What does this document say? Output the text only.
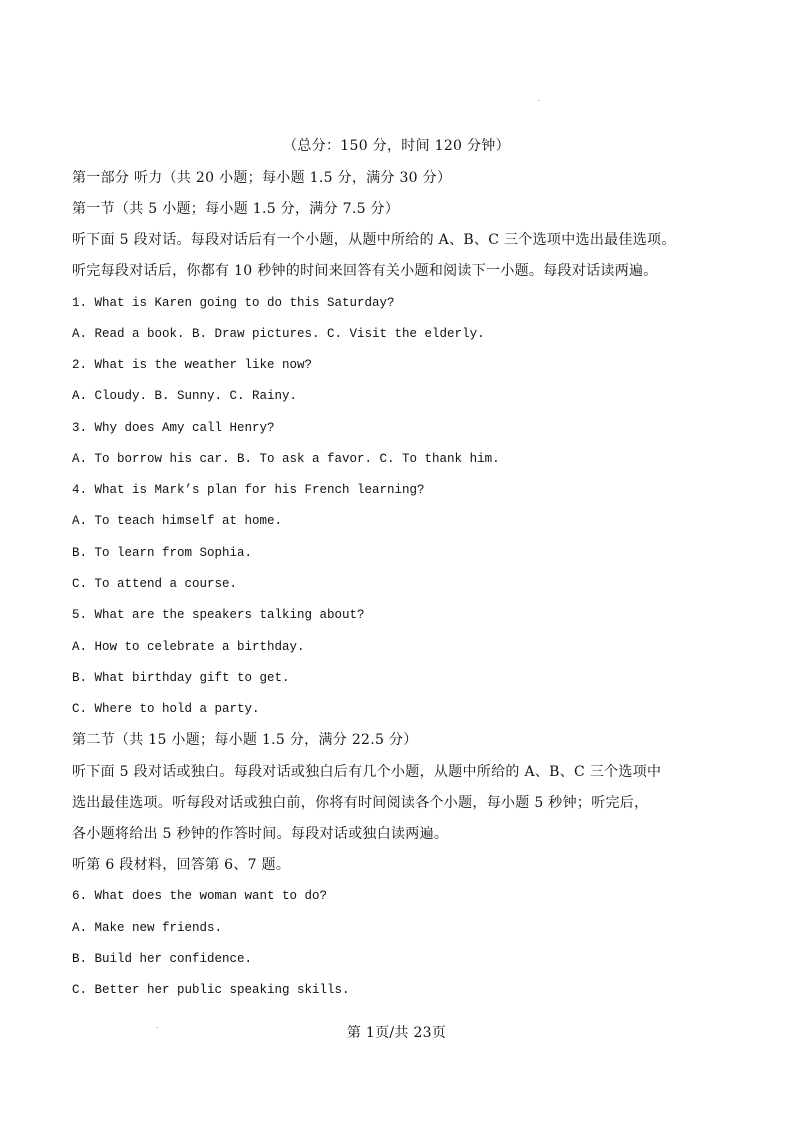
（总分：150 分，时间 120 分钟）
第一部分 听力（共 20 小题；每小题 1.5 分，满分 30 分）
第一节（共 5 小题；每小题 1.5 分，满分 7.5 分）
听下面 5 段对话。每段对话后有一个小题，从题中所给的 A、B、C 三个选项中选出最佳选项。
听完每段对话后，你都有 10 秒钟的时间来回答有关小题和阅读下一小题。每段对话读两遍。
1. What is Karen going to do this Saturday?
A. Read a book. B. Draw pictures. C. Visit the elderly.
2. What is the weather like now?
A. Cloudy. B. Sunny. C. Rainy.
3. Why does Amy call Henry?
A. To borrow his car. B. To ask a favor. C. To thank him.
4. What is Mark’s plan for his French learning?
A. To teach himself at home.
B. To learn from Sophia.
C. To attend a course.
5. What are the speakers talking about?
A. How to celebrate a birthday.
B. What birthday gift to get.
C. Where to hold a party.
第二节（共 15 小题；每小题 1.5 分，满分 22.5 分）
听下面 5 段对话或独白。每段对话或独白后有几个小题，从题中所给的 A、B、C 三个选项中
选出最佳选项。听每段对话或独白前，你将有时间阅读各个小题，每小题 5 秒钟；听完后，
各小题将给出 5 秒钟的作答时间。每段对话或独白读两遍。
听第 6 段材料，回答第 6、7 题。
6. What does the woman want to do?
A. Make new friends.
B. Build her confidence.
C. Better her public speaking skills.
第 1页/共 23页
